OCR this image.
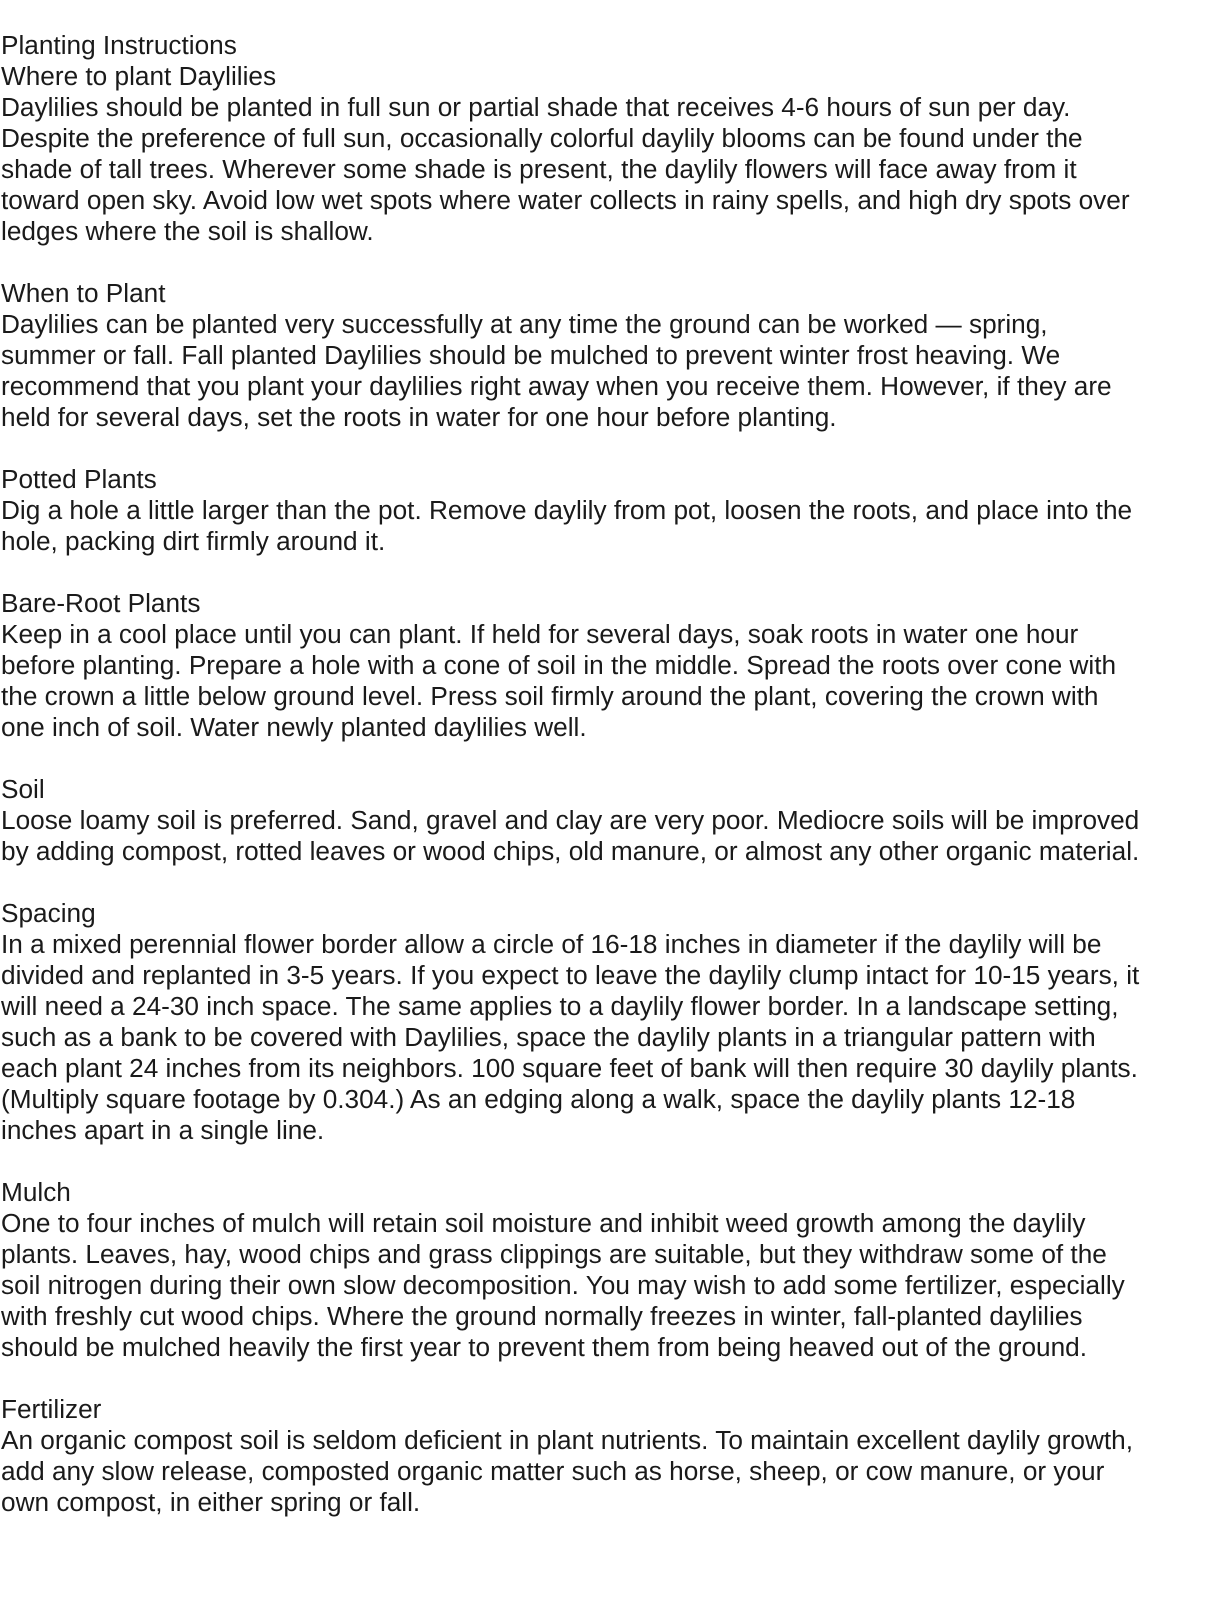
Planting Instructions
Where to plant Daylilies
Daylilies should be planted in full sun or partial shade that receives 4-6 hours of sun per day.
Despite the preference of full sun, occasionally colorful daylily blooms can be found under the
shade of tall trees. Wherever some shade is present, the daylily flowers will face away from it
toward open sky. Avoid low wet spots where water collects in rainy spells, and high dry spots over
ledges where the soil is shallow.
When to Plant
Daylilies can be planted very successfully at any time the ground can be worked — spring,
summer or fall. Fall planted Daylilies should be mulched to prevent winter frost heaving. We
recommend that you plant your daylilies right away when you receive them. However, if they are
held for several days, set the roots in water for one hour before planting.
Potted Plants
Dig a hole a little larger than the pot. Remove daylily from pot, loosen the roots, and place into the
hole, packing dirt firmly around it.
Bare-Root Plants
Keep in a cool place until you can plant. If held for several days, soak roots in water one hour
before planting. Prepare a hole with a cone of soil in the middle. Spread the roots over cone with
the crown a little below ground level. Press soil firmly around the plant, covering the crown with
one inch of soil. Water newly planted daylilies well.
Soil
Loose loamy soil is preferred. Sand, gravel and clay are very poor. Mediocre soils will be improved
by adding compost, rotted leaves or wood chips, old manure, or almost any other organic material.
Spacing
In a mixed perennial flower border allow a circle of 16-18 inches in diameter if the daylily will be
divided and replanted in 3-5 years. If you expect to leave the daylily clump intact for 10-15 years, it
will need a 24-30 inch space. The same applies to a daylily flower border. In a landscape setting,
such as a bank to be covered with Daylilies, space the daylily plants in a triangular pattern with
each plant 24 inches from its neighbors. 100 square feet of bank will then require 30 daylily plants.
(Multiply square footage by 0.304.) As an edging along a walk, space the daylily plants 12-18
inches apart in a single line.
Mulch
One to four inches of mulch will retain soil moisture and inhibit weed growth among the daylily
plants. Leaves, hay, wood chips and grass clippings are suitable, but they withdraw some of the
soil nitrogen during their own slow decomposition. You may wish to add some fertilizer, especially
with freshly cut wood chips. Where the ground normally freezes in winter, fall-planted daylilies
should be mulched heavily the first year to prevent them from being heaved out of the ground.
Fertilizer
An organic compost soil is seldom deficient in plant nutrients. To maintain excellent daylily growth,
add any slow release, composted organic matter such as horse, sheep, or cow manure, or your
own compost, in either spring or fall.
